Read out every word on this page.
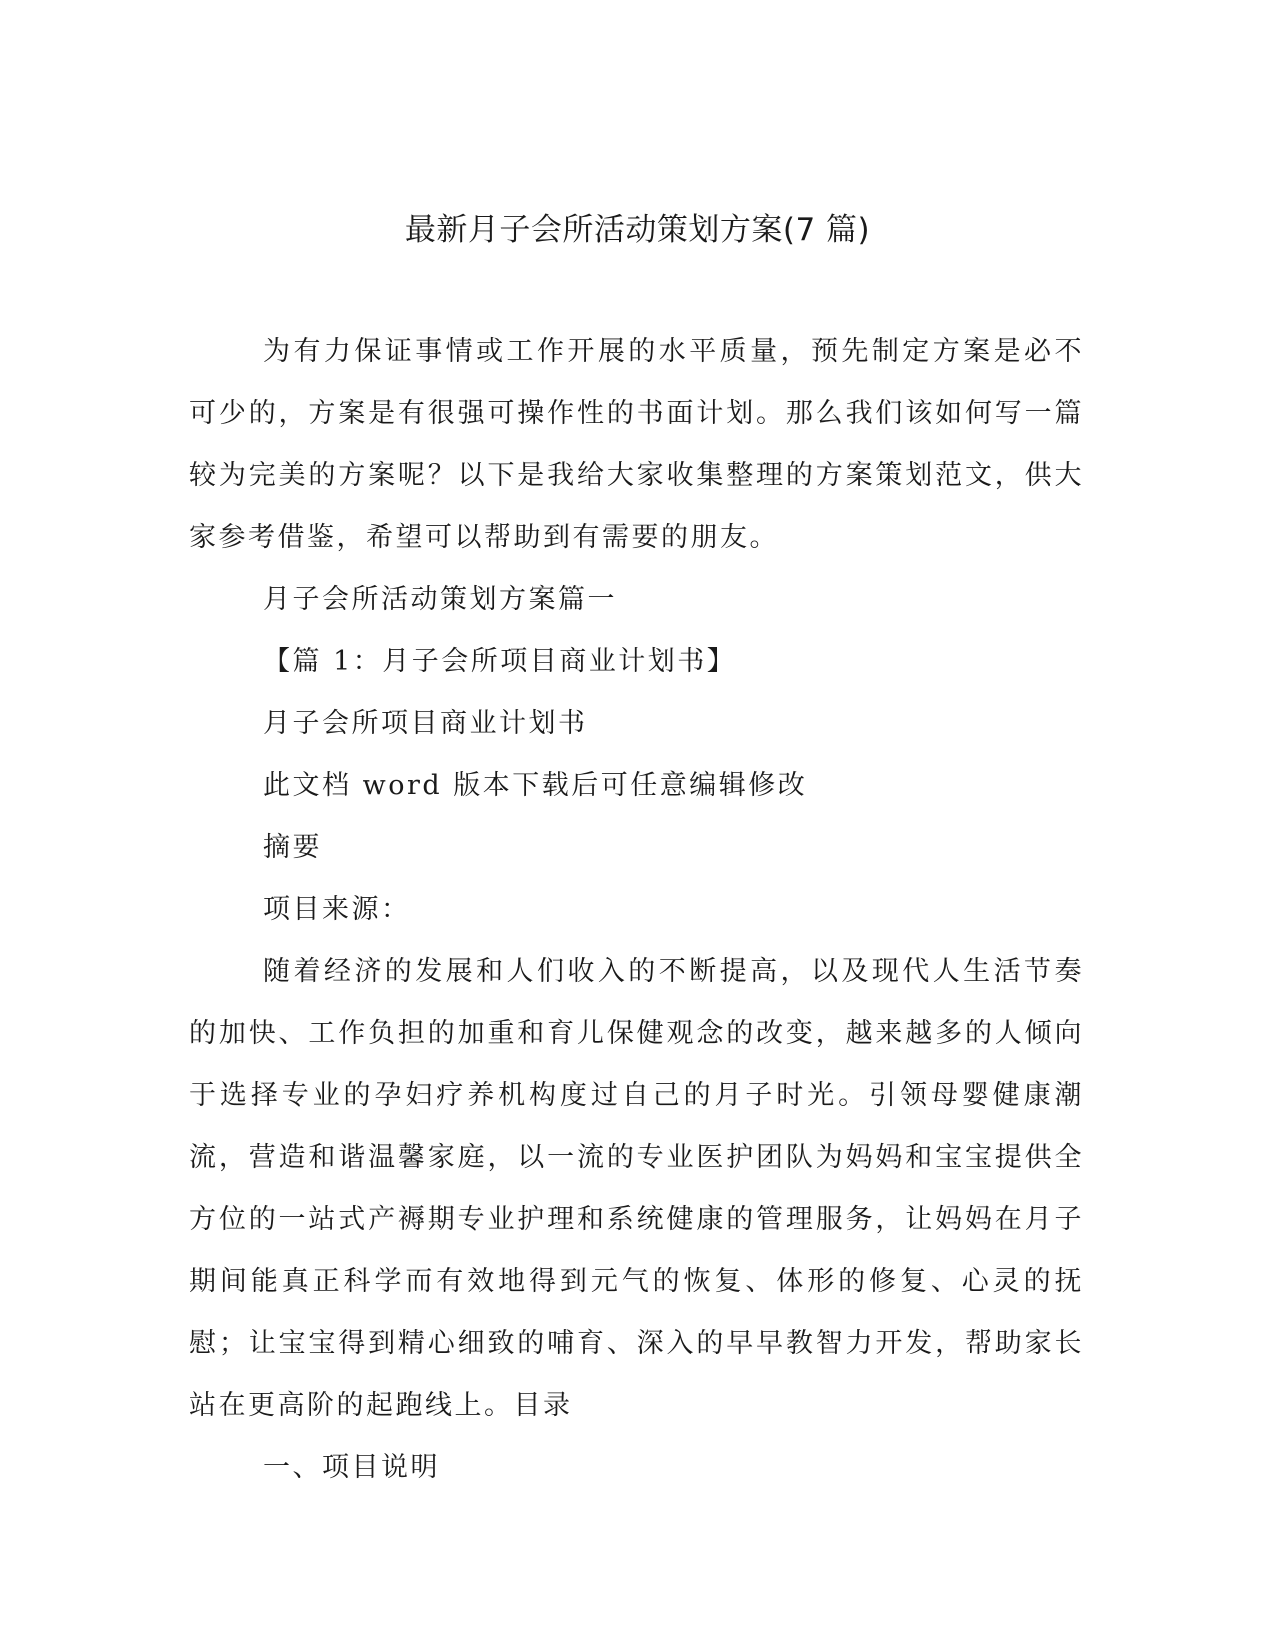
最新月子会所活动策划方案(7 篇)

为有力保证事情或工作开展的水平质量，预先制定方案是必不可少的，方案是有很强可操作性的书面计划。那么我们该如何写一篇较为完美的方案呢？以下是我给大家收集整理的方案策划范文，供大家参考借鉴，希望可以帮助到有需要的朋友。

月子会所活动策划方案篇一

【篇 1：月子会所项目商业计划书】

月子会所项目商业计划书

此文档 word 版本下载后可任意编辑修改

摘要

项目来源：

随着经济的发展和人们收入的不断提高，以及现代人生活节奏的加快、工作负担的加重和育儿保健观念的改变，越来越多的人倾向于选择专业的孕妇疗养机构度过自己的月子时光。引领母婴健康潮流，营造和谐温馨家庭，以一流的专业医护团队为妈妈和宝宝提供全方位的一站式产褥期专业护理和系统健康的管理服务，让妈妈在月子期间能真正科学而有效地得到元气的恢复、体形的修复、心灵的抚慰；让宝宝得到精心细致的哺育、深入的早早教智力开发，帮助家长站在更高阶的起跑线上。目录

一、项目说明
